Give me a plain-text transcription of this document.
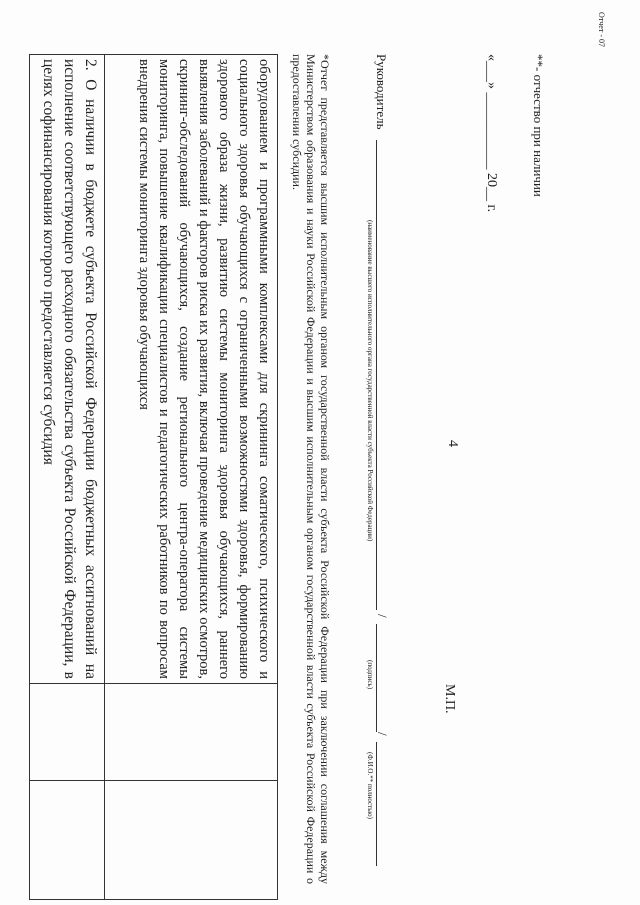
4
оборудованием и программными комплексами для скрининга соматического, психического и социального здоровья обучающихся с ограниченными возможностями здоровья, формированию здорового образа жизни, развитию системы мониторинга здоровья обучающихся, раннего выявления заболеваний и факторов риска их развития, включая проведение медицинских осмотров, скрининг-обследований обучающихся, создание регионального центра-оператора системы мониторинга, повышение квалификации специалистов и педагогических работников по вопросам внедрения системы мониторинга здоровья обучающихся		

2. О наличии в бюджете субъекта Российской Федерации бюджетных ассигнований на исполнение соответствующего расходного обязательства субъекта Российской Федерации, в целях софинансирования которого предоставляется субсидия		
			*Отчет представляется высшим исполнительным органом государственной власти субъекта Российской Федерации при заключении соглашения между Министерством образования и науки Российской Федерации и высшим исполнительным органом государственной власти субъекта Российской Федерации о предоставлении субсидии.	Руководитель
(наименование высшего исполнительного органа государственной власти субъекта Российской Федерации)
/
(подпись)
/
(Ф.И.О.** полностью)
М.П.
«___» ___________ 20__ г. **- отчество при наличии
Отчет - 07
